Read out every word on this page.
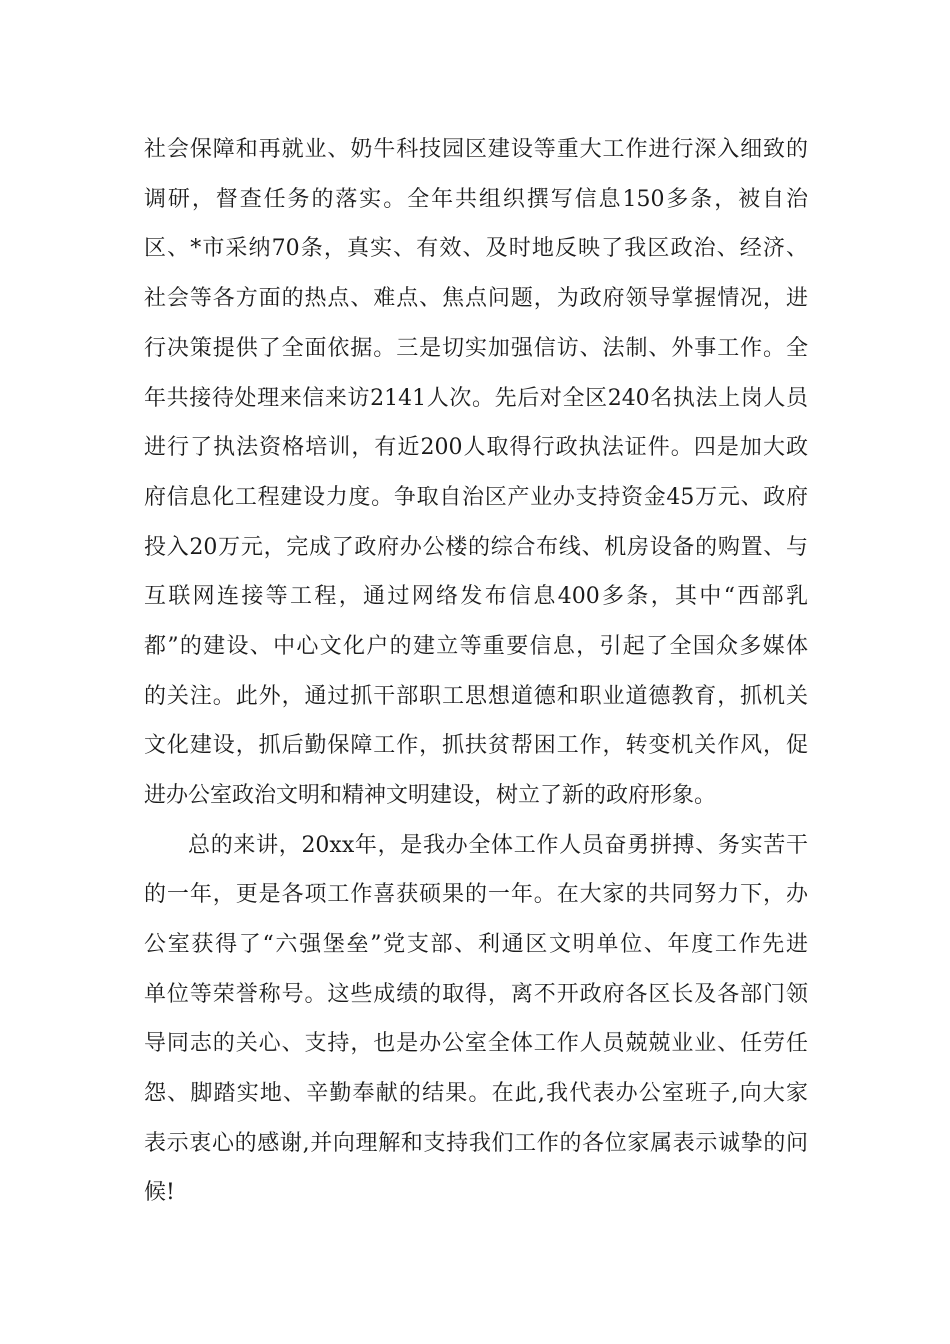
社会保障和再就业、奶牛科技园区建设等重大工作进行深入细致的
调研，督查任务的落实。全年共组织撰写信息150多条，被自治
区、*市采纳70条，真实、有效、及时地反映了我区政治、经济、
社会等各方面的热点、难点、焦点问题，为政府领导掌握情况，进
行决策提供了全面依据。三是切实加强信访、法制、外事工作。全
年共接待处理来信来访2141人次。先后对全区240名执法上岗人员
进行了执法资格培训，有近200人取得行政执法证件。四是加大政
府信息化工程建设力度。争取自治区产业办支持资金45万元、政府
投入20万元，完成了政府办公楼的综合布线、机房设备的购置、与
互联网连接等工程，通过网络发布信息400多条，其中“西部乳
都”的建设、中心文化户的建立等重要信息，引起了全国众多媒体
的关注。此外，通过抓干部职工思想道德和职业道德教育，抓机关
文化建设，抓后勤保障工作，抓扶贫帮困工作，转变机关作风，促
进办公室政治文明和精神文明建设，树立了新的政府形象。
总的来讲，20xx年，是我办全体工作人员奋勇拼搏、务实苦干
的一年，更是各项工作喜获硕果的一年。在大家的共同努力下，办
公室获得了“六强堡垒”党支部、利通区文明单位、年度工作先进
单位等荣誉称号。这些成绩的取得，离不开政府各区长及各部门领
导同志的关心、支持，也是办公室全体工作人员兢兢业业、任劳任
怨、脚踏实地、辛勤奉献的结果。在此,我代表办公室班子,向大家
表示衷心的感谢,并向理解和支持我们工作的各位家属表示诚挚的问
候!
